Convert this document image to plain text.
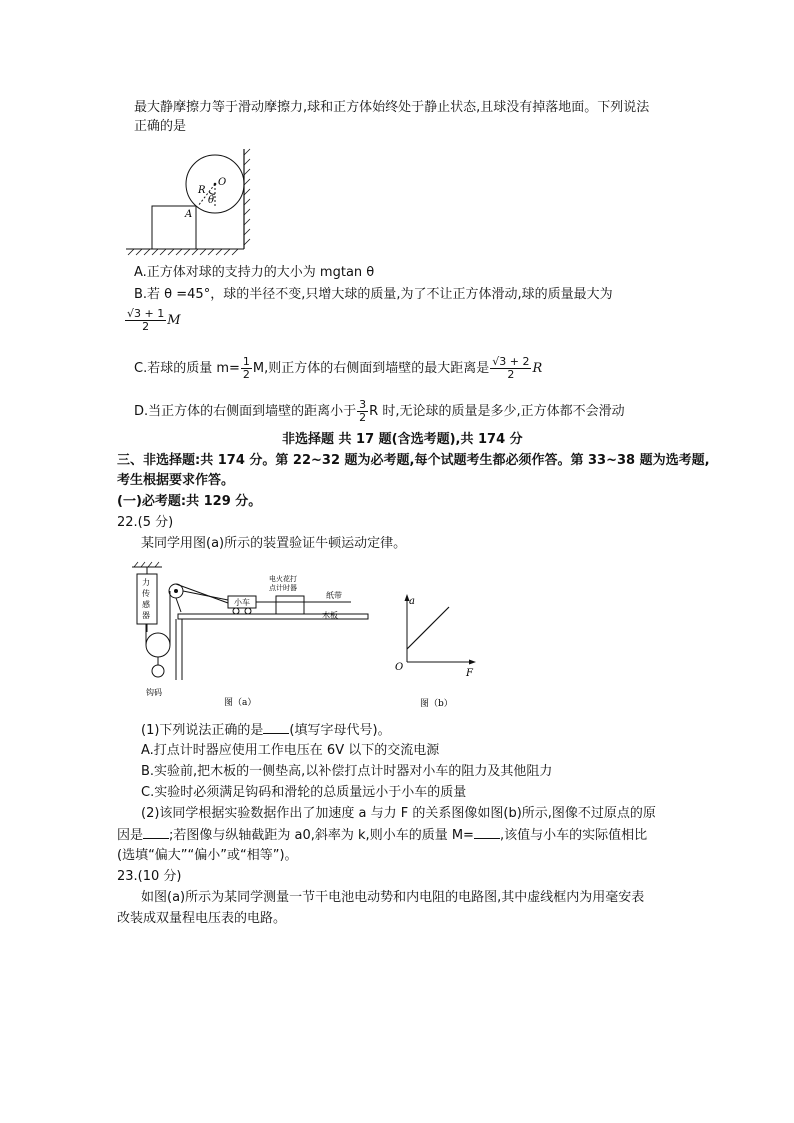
最大静摩擦力等于滑动摩擦力,球和正方体始终处于静止状态,且球没有掉落地面。下列说法
正确的是
O
R
θ
A
A.正方体对球的支持力的大小为 mgtan θ
B.若 θ =45°，球的半径不变,只增大球的质量,为了不让正方体滑动,球的质量最大为
$\frac{√3 + 1}{2}$ M
C.若球的质量 $m= \frac{1}{2} M$,则正方体的右侧面到墙壁的最大距离是 $\frac{√3 + 2}{2}$ R
D.当正方体的右侧面到墙壁的距离小于 $\frac{3}{2}$ R 时,无论球的质量是多少,正方体都不会滑动
非选择题 共 17 题(含选考题),共 174 分
三、非选择题:共 174 分。第 22~32 题为必考题,每个试题考生都必须作答。第 33~38 题为选考题,
考生根据要求作答。
(一)必考题:共 129 分。
22.(5 分)
某同学用图(a)所示的装置验证牛顿运动定律。
力
传
感
器
电火花打
点计时器
小车
纸带
木板
钩码
图（a）
a
O
F
图（b）
(1)下列说法正确的是 (填写字母代号)。
A.打点计时器应使用工作电压在 6V 以下的交流电源
B.实验前,把木板的一侧垫高,以补偿打点计时器对小车的阻力及其他阻力
C.实验时必须满足钩码和滑轮的总质量远小于小车的质量
(2)该同学根据实验数据作出了加速度 a 与力 F 的关系图像如图(b)所示,图像不过原点的原
因是 ;若图像与纵轴截距为 a0,斜率为 k,则小车的质量 M= ,该值与小车的实际值相比
(选填“偏大”“偏小”或“相等”)。
23.(10 分)
如图(a)所示为某同学测量一节干电池电动势和内电阻的电路图,其中虚线框内为用毫安表
改装成双量程电压表的电路。
